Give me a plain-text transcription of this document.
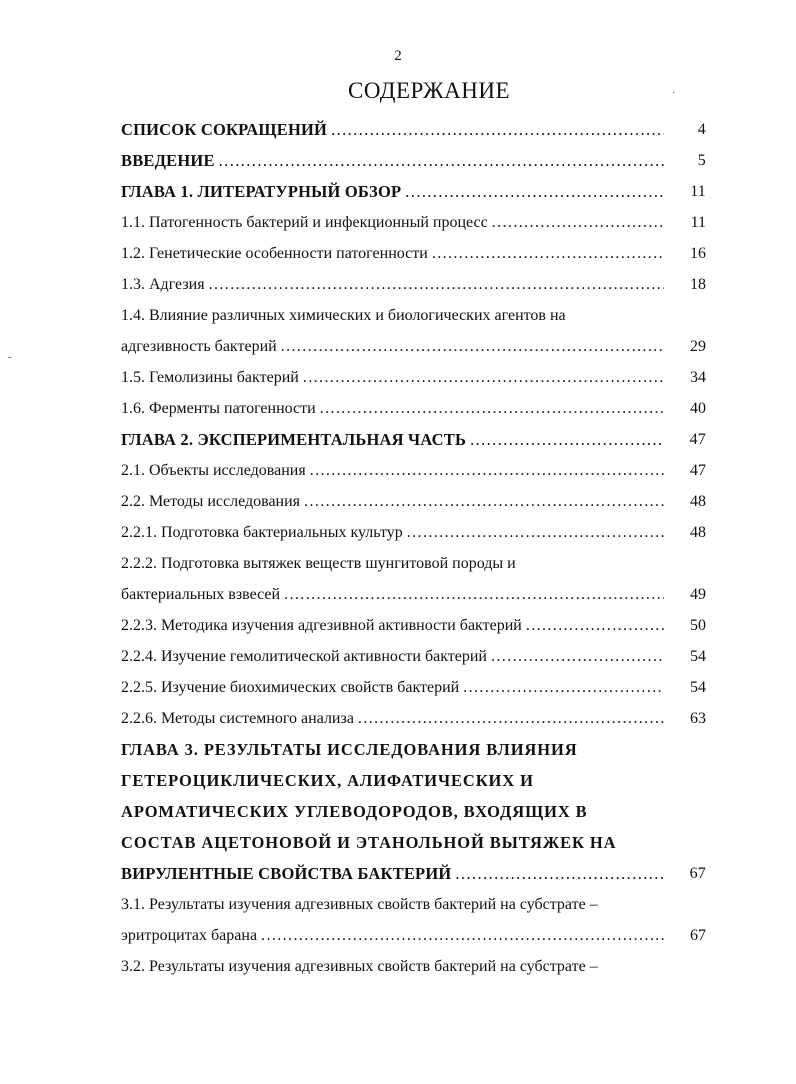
2
СОДЕРЖАНИЕ
СПИСОК СОКРАЩЕНИЙ .....	4
ВВЕДЕНИЕ .....	5
ГЛАВА 1. ЛИТЕРАТУРНЫЙ ОБЗОР .....	11
1.1. Патогенность бактерий и инфекционный процесс .....	11
1.2. Генетические особенности патогенности .....	16
1.3. Адгезия .....	18
1.4. Влияние различных химических и биологических агентов на
адгезивность бактерий .....	29
1.5. Гемолизины бактерий .....	34
1.6. Ферменты патогенности .....	40
ГЛАВА 2. ЭКСПЕРИМЕНТАЛЬНАЯ ЧАСТЬ .....	47
2.1. Объекты исследования .....	47
2.2. Методы исследования .....	48
2.2.1. Подготовка бактериальных культур .....	48
2.2.2. Подготовка вытяжек веществ шунгитовой породы и
бактериальных взвесей .....	49
2.2.3. Методика изучения адгезивной активности бактерий .....	50
2.2.4. Изучение гемолитической активности бактерий .....	54
2.2.5. Изучение биохимических свойств бактерий .....	54
2.2.6. Методы системного анализа .....	63
ГЛАВА 3. РЕЗУЛЬТАТЫ ИССЛЕДОВАНИЯ ВЛИЯНИЯ
ГЕТЕРОЦИКЛИЧЕСКИХ, АЛИФАТИЧЕСКИХ И
АРОМАТИЧЕСКИХ УГЛЕВОДОРОДОВ, ВХОДЯЩИХ В
СОСТАВ АЦЕТОНОВОЙ И ЭТАНОЛЬНОЙ ВЫТЯЖЕК НА
ВИРУЛЕНТНЫЕ СВОЙСТВА БАКТЕРИЙ .....	67
3.1. Результаты изучения адгезивных свойств бактерий на субстрате –
эритроцитах барана .....	67
3.2. Результаты изучения адгезивных свойств бактерий на субстрате –
-
·
